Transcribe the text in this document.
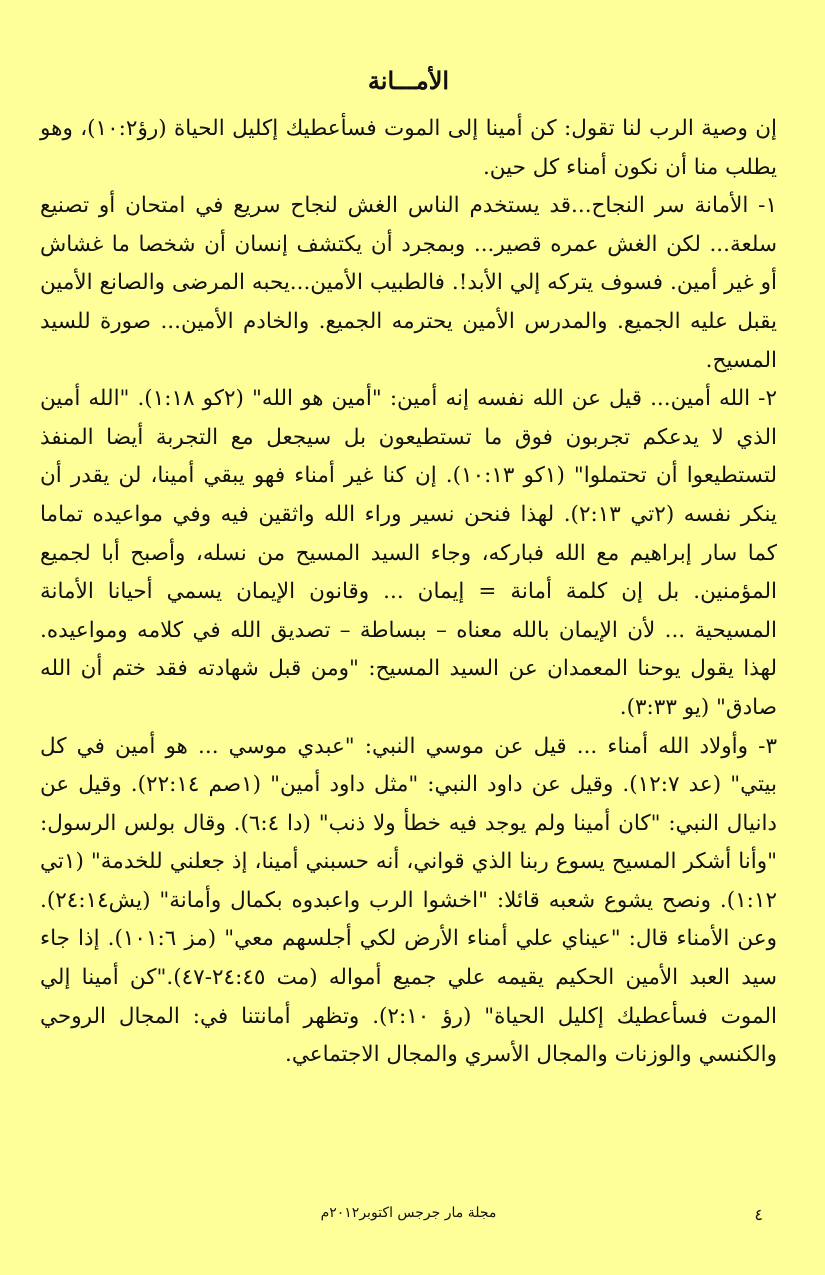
الأمـــانة

إن وصية الرب لنا تقول: كن أمينا إلى الموت فسأعطيك إكليل الحياة (رؤ١٠:٢)، وهو يطلب منا أن نكون أمناء كل حين.

١- الأمانة سر النجاح...قد يستخدم الناس الغش لنجاح سريع في امتحان أو تصنيع سلعة... لكن الغش عمره قصير... وبمجرد أن يكتشف إنسان أن شخصا ما غشاش أو غير أمين. فسوف يتركه إلي الأبد!. فالطبيب الأمين...يحبه المرضى والصانع الأمين يقبل عليه الجميع. والمدرس الأمين يحترمه الجميع. والخادم الأمين... صورة للسيد المسيح.

٢- الله أمين... قيل عن الله نفسه إنه أمين: "أمين هو الله" (٢كو ١:١٨). "الله أمين الذي لا يدعكم تجربون فوق ما تستطيعون بل سيجعل مع التجربة أيضا المنفذ لتستطيعوا أن تحتملوا" (١كو ١٠:١٣). إن كنا غير أمناء فهو يبقي أمينا، لن يقدر أن ينكر نفسه (٢تي ٢:١٣). لهذا فنحن نسير وراء الله واثقين فيه وفي مواعيده تماما كما سار إبراهيم مع الله فباركه، وجاء السيد المسيح من نسله، وأصبح أبا لجميع المؤمنين. بل إن كلمة أمانة = إيمان ... وقانون الإيمان يسمي أحيانا الأمانة المسيحية ... لأن الإيمان بالله معناه – ببساطة – تصديق الله في كلامه ومواعيده. لهذا يقول يوحنا المعمدان عن السيد المسيح: "ومن قبل شهادته فقد ختم أن الله صادق" (يو ٣:٣٣).

٣- وأولاد الله أمناء ... قيل عن موسي النبي: "عبدي موسي ... هو أمين في كل بيتي" (عد ١٢:٧). وقيل عن داود النبي: "مثل داود أمين" (١صم ٢٢:١٤). وقيل عن دانيال النبي: "كان أمينا ولم يوجد فيه خطأ ولا ذنب" (دا ٦:٤). وقال بولس الرسول: "وأنا أشكر المسيح يسوع ربنا الذي قواني، أنه حسبني أمينا، إذ جعلني للخدمة" (١تي ١:١٢). ونصح يشوع شعبه قائلا: "اخشوا الرب واعبدوه بكمال وأمانة" (يش٢٤:١٤). وعن الأمناء قال: "عيناي علي أمناء الأرض لكي أجلسهم معي" (مز ١٠١:٦). إذا جاء سيد العبد الأمين الحكيم يقيمه علي جميع أمواله (مت ٢٤:٤٥-٤٧)."كن أمينا إلي الموت فسأعطيك إكليل الحياة" (رؤ ٢:١٠). وتظهر أمانتنا في: المجال الروحي والكنسي والوزنات والمجال الأسري والمجال الاجتماعي.

٤
مجلة مار جرجس اكتوبر٢٠١٢م
